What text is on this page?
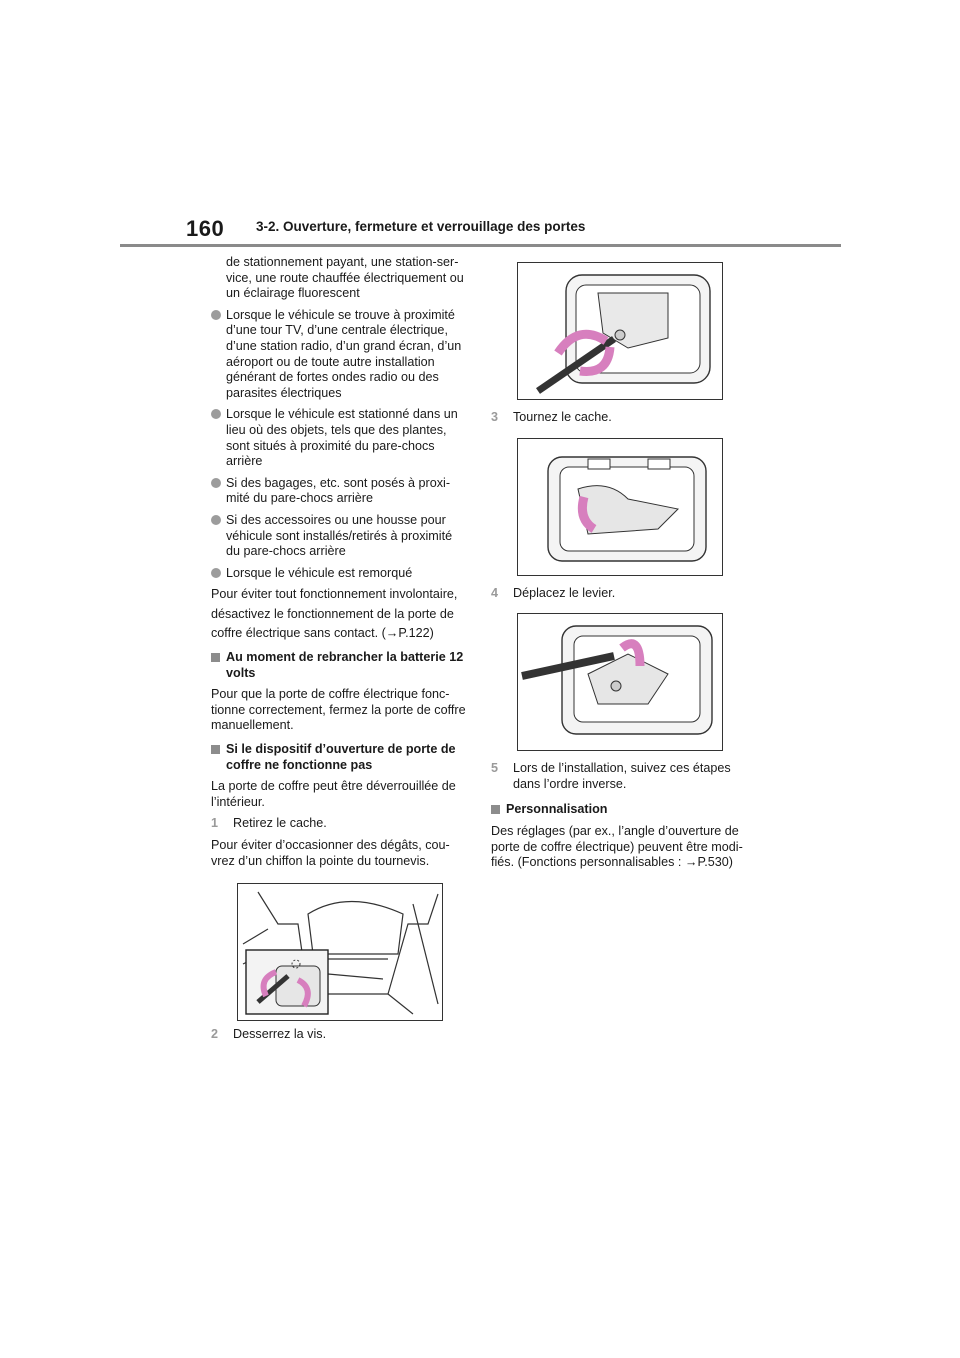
160 3-2. Ouverture, fermeture et verrouillage des portes

de stationnement payant, une station-ser-vice, une route chauffée électriquement ou un éclairage fluorescent

Lorsque le véhicule se trouve à proximité d’une tour TV, d’une centrale électrique, d’une station radio, d’un grand écran, d’un aéroport ou de toute autre installation générant de fortes ondes radio ou des parasites électriques
Lorsque le véhicule est stationné dans un lieu où des objets, tels que des plantes, sont situés à proximité du pare-chocs arrière
Si des bagages, etc. sont posés à proxi-mité du pare-chocs arrière
Si des accessoires ou une housse pour véhicule sont installés/retirés à proximité du pare-chocs arrière
Lorsque le véhicule est remorqué

Pour éviter tout fonctionnement involontaire,

désactivez le fonctionnement de la porte de

coffre électrique sans contact. (→P.122)

Au moment de rebrancher la batterie 12 volts

Pour que la porte de coffre électrique fonc-tionne correctement, fermez la porte de coffre manuellement.

Si le dispositif d’ouverture de porte de coffre ne fonctionne pas

La porte de coffre peut être déverrouillée de l’intérieur.

1 Retirez le cache.

Pour éviter d’occasionner des dégâts, cou-vrez d’un chiffon la pointe du tournevis.

2 Desserrez la vis.
3 Tournez le cache.
4 Déplacez le levier.
5 Lors de l’installation, suivez ces étapes dans l’ordre inverse.
Personnalisation

Des réglages (par ex., l’angle d’ouverture de porte de coffre électrique) peuvent être modi-fiés. (Fonctions personnalisables : →P.530)
